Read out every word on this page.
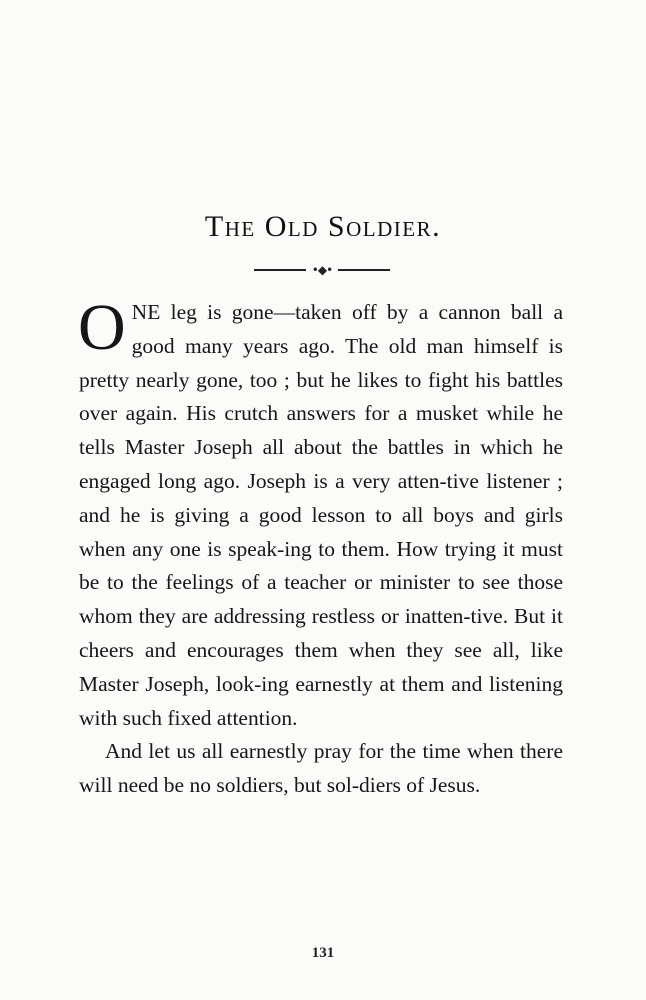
The Old Soldier.
•◆•

ONE leg is gone—taken off by a cannon ball a good many years ago. The old man himself is pretty nearly gone, too ; but he likes to fight his battles over again. His crutch answers for a musket while he tells Master Joseph all about the battles in which he engaged long ago. Joseph is a very atten-tive listener ; and he is giving a good lesson to all boys and girls when any one is speak-ing to them. How trying it must be to the feelings of a teacher or minister to see those whom they are addressing restless or inatten-tive. But it cheers and encourages them when they see all, like Master Joseph, look-ing earnestly at them and listening with such fixed attention.

And let us all earnestly pray for the time when there will need be no soldiers, but sol-diers of Jesus.

131
